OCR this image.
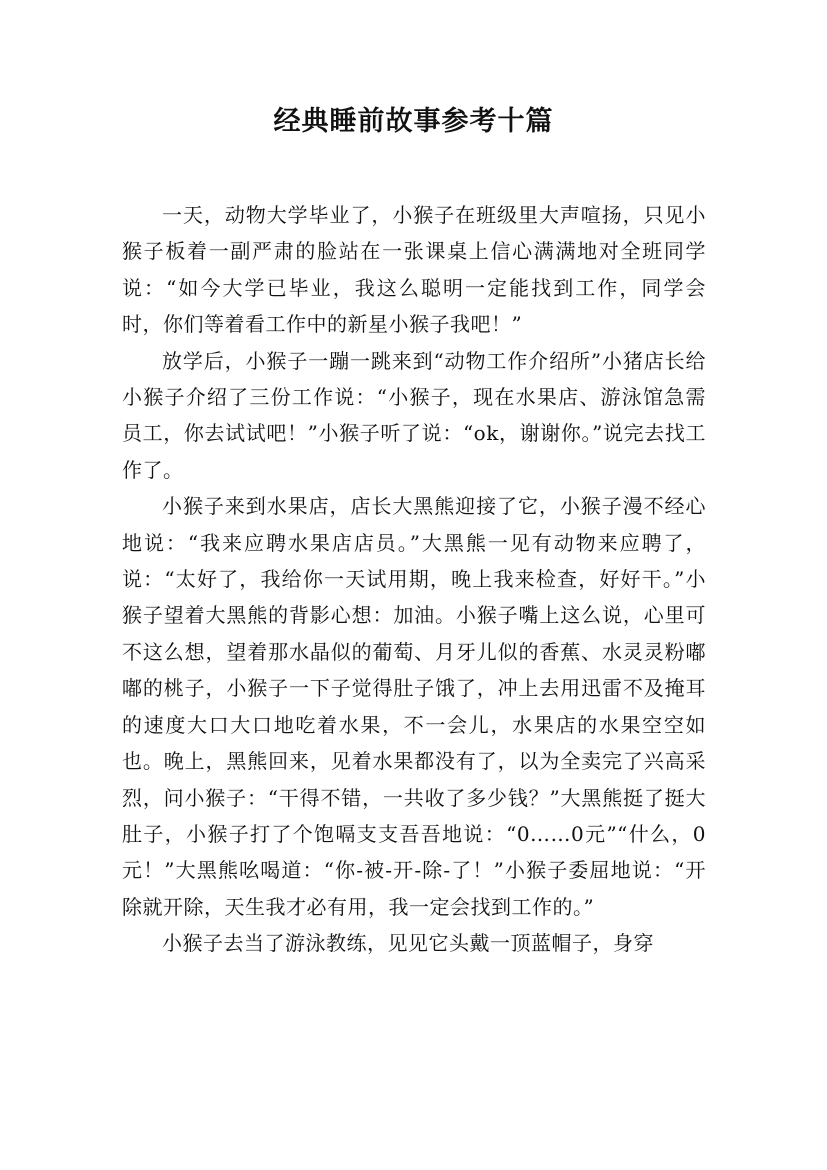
经典睡前故事参考十篇

一天，动物大学毕业了，小猴子在班级里大声喧扬，只见小猴子板着一副严肃的脸站在一张课桌上信心满满地对全班同学说：“如今大学已毕业，我这么聪明一定能找到工作，同学会时，你们等着看工作中的新星小猴子我吧！”

放学后，小猴子一蹦一跳来到“动物工作介绍所”小猪店长给小猴子介绍了三份工作说：“小猴子，现在水果店、游泳馆急需员工，你去试试吧！”小猴子听了说：“ok，谢谢你。”说完去找工作了。

小猴子来到水果店，店长大黑熊迎接了它，小猴子漫不经心地说：“我来应聘水果店店员。”大黑熊一见有动物来应聘了，说：“太好了，我给你一天试用期，晚上我来检查，好好干。”小猴子望着大黑熊的背影心想：加油。小猴子嘴上这么说，心里可不这么想，望着那水晶似的葡萄、月牙儿似的香蕉、水灵灵粉嘟嘟的桃子，小猴子一下子觉得肚子饿了，冲上去用迅雷不及掩耳的速度大口大口地吃着水果，不一会儿，水果店的水果空空如也。晚上，黑熊回来，见着水果都没有了，以为全卖完了兴高采烈，问小猴子：“干得不错，一共收了多少钱？”大黑熊挺了挺大肚子，小猴子打了个饱嗝支支吾吾地说：“0……0元”“什么，0元！”大黑熊吆喝道：“你-被-开-除-了！”小猴子委屈地说：“开除就开除，天生我才必有用，我一定会找到工作的。”

小猴子去当了游泳教练，见见它头戴一顶蓝帽子，身穿
